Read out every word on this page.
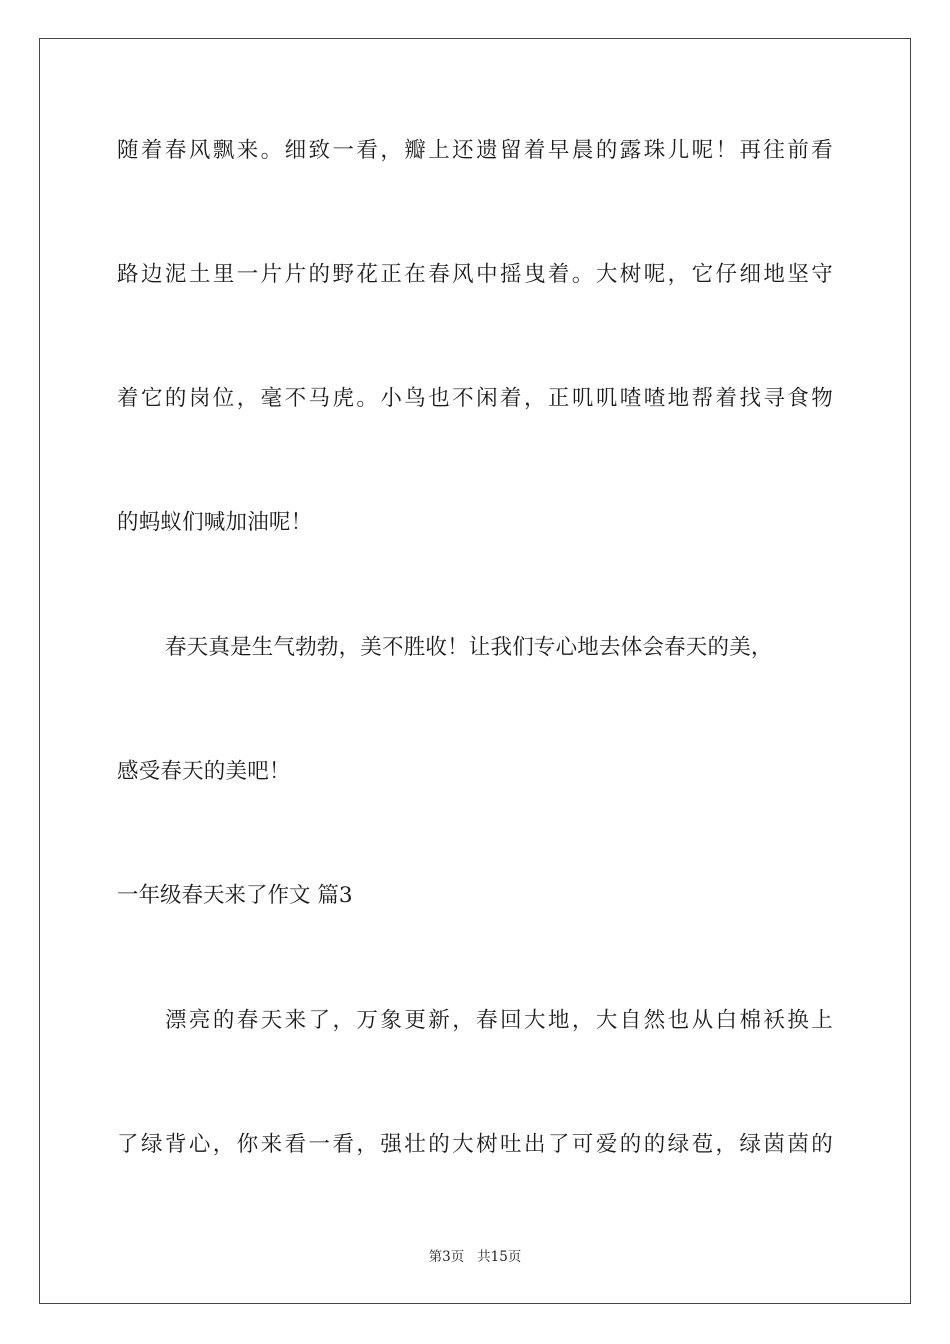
随着春风飘来。细致一看，瓣上还遗留着早晨的露珠儿呢！再往前看
路边泥土里一片片的野花正在春风中摇曳着。大树呢，它仔细地坚守
着它的岗位，毫不马虎。小鸟也不闲着，正叽叽喳喳地帮着找寻食物
的蚂蚁们喊加油呢！
春天真是生气勃勃，美不胜收！让我们专心地去体会春天的美，
感受春天的美吧！
一年级春天来了作文 篇3
漂亮的春天来了，万象更新，春回大地，大自然也从白棉袄换上
了绿背心，你来看一看，强壮的大树吐出了可爱的的绿苞，绿茵茵的
第3页 共15页
